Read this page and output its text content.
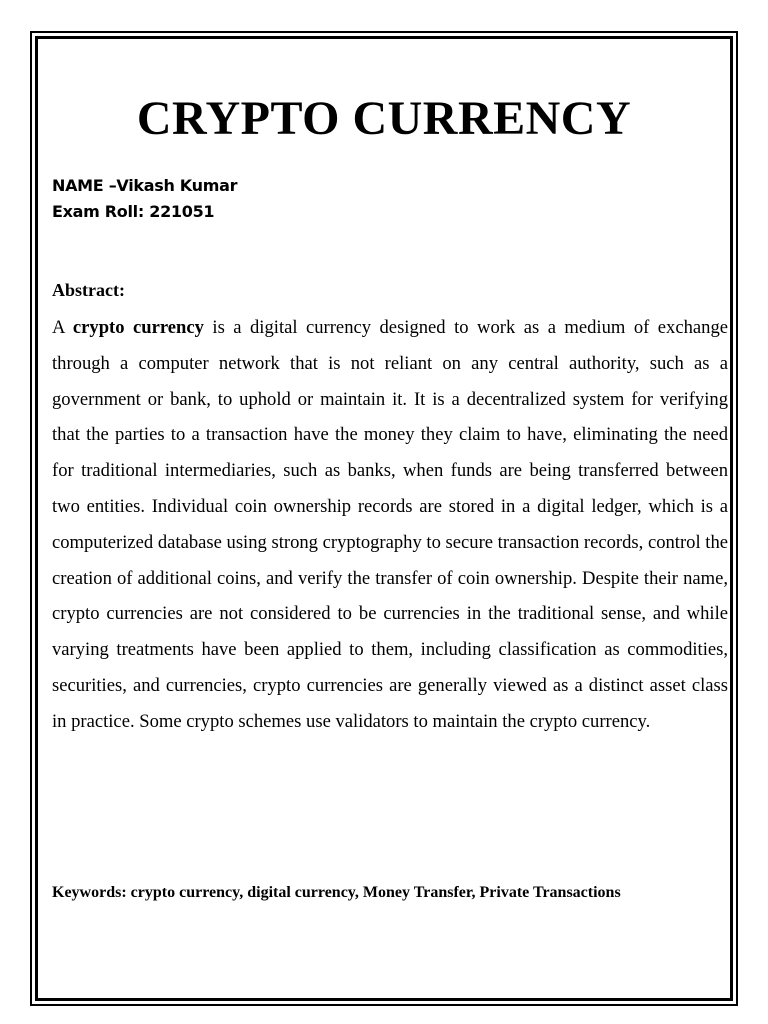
CRYPTO CURRENCY
NAME –Vikash Kumar
Exam Roll: 221051
Abstract:
A crypto currency is a digital currency designed to work as a medium of exchange through a computer network that is not reliant on any central authority, such as a government or bank, to uphold or maintain it. It is a decentralized system for verifying that the parties to a transaction have the money they claim to have, eliminating the need for traditional intermediaries, such as banks, when funds are being transferred between two entities. Individual coin ownership records are stored in a digital ledger, which is a computerized database using strong cryptography to secure transaction records, control the creation of additional coins, and verify the transfer of coin ownership. Despite their name, crypto currencies are not considered to be currencies in the traditional sense, and while varying treatments have been applied to them, including classification as commodities, securities, and currencies, crypto currencies are generally viewed as a distinct asset class in practice. Some crypto schemes use validators to maintain the crypto currency.
Keywords: crypto currency, digital currency, Money Transfer, Private Transactions
